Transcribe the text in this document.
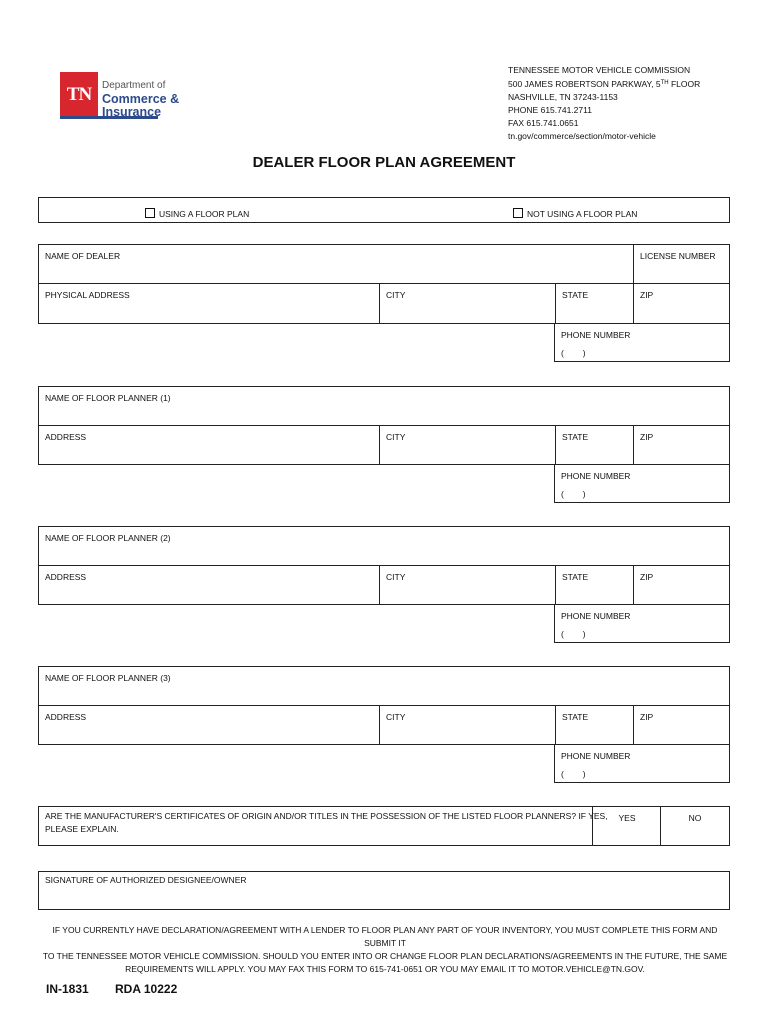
TN	Department of
Commerce &
Insurance
TENNESSEE MOTOR VEHICLE COMMISSION
500 JAMES ROBERTSON PARKWAY, 5TH FLOOR
NASHVILLE, TN 37243-1153
PHONE 615.741.2711
FAX 615.741.0651
tn.gov/commerce/section/motor-vehicle
DEALER FLOOR PLAN AGREEMENT
USING A FLOOR PLAN	NOT USING A FLOOR PLAN
NAME OF DEALER	LICENSE NUMBER
PHYSICAL ADDRESS	CITY	STATE	ZIP
PHONE NUMBER
(        )
NAME OF FLOOR PLANNER (1)
ADDRESS	CITY	STATE	ZIP
PHONE NUMBER
(        )
NAME OF FLOOR PLANNER (2)
ADDRESS	CITY	STATE	ZIP
PHONE NUMBER
(        )
NAME OF FLOOR PLANNER (3)
ADDRESS	CITY	STATE	ZIP
PHONE NUMBER
(        )
ARE THE MANUFACTURER'S CERTIFICATES OF ORIGIN AND/OR TITLES IN THE POSSESSION OF THE LISTED FLOOR PLANNERS? IF YES,
PLEASE EXPLAIN.
YES	NO
SIGNATURE OF AUTHORIZED DESIGNEE/OWNER
IF YOU CURRENTLY HAVE DECLARATION/AGREEMENT WITH A LENDER TO FLOOR PLAN ANY PART OF YOUR INVENTORY, YOU MUST COMPLETE THIS FORM AND SUBMIT IT
TO THE TENNESSEE MOTOR VEHICLE COMMISSION. SHOULD YOU ENTER INTO OR CHANGE FLOOR PLAN DECLARATIONS/AGREEMENTS IN THE FUTURE, THE SAME
REQUIREMENTS WILL APPLY. YOU MAY FAX THIS FORM TO 615-741-0651 OR YOU MAY EMAIL IT TO MOTOR.VEHICLE@TN.GOV.
IN-1831 RDA 10222
